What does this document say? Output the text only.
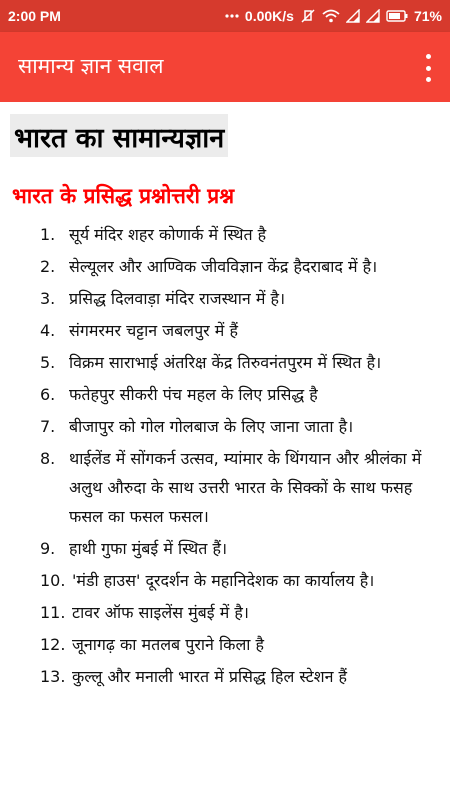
2:00 PM	0.00K/s	71%
सामान्य ज्ञान सवाल
भारत का सामान्यज्ञान
भारत के प्रसिद्ध प्रश्नोत्तरी प्रश्न
1. सूर्य मंदिर शहर कोणार्क में स्थित है
2. सेल्यूलर और आण्विक जीवविज्ञान केंद्र हैदराबाद में है।
3. प्रसिद्ध दिलवाड़ा मंदिर राजस्थान में है।
4. संगमरमर चट्टान जबलपुर में हैं
5. विक्रम साराभाई अंतरिक्ष केंद्र तिरुवनंतपुरम में स्थित है।
6. फतेहपुर सीकरी पंच महल के लिए प्रसिद्ध है
7. बीजापुर को गोल गोलबाज के लिए जाना जाता है।
8. थाईलेंड में सोंगकर्न उत्सव, म्यांमार के थिंगयान और श्रीलंका में अलुथ औरुदा के साथ उत्तरी भारत के सिक्कों के साथ फसह फसल का फसल फसल।
9. हाथी गुफा मुंबई में स्थित हैं।
10. 'मंडी हाउस' दूरदर्शन के महानिदेशक का कार्यालय है।
11. टावर ऑफ साइलेंस मुंबई में है।
12. जूनागढ़ का मतलब पुराने किला है
13. कुल्लू और मनाली भारत में प्रसिद्ध हिल स्टेशन हैं
